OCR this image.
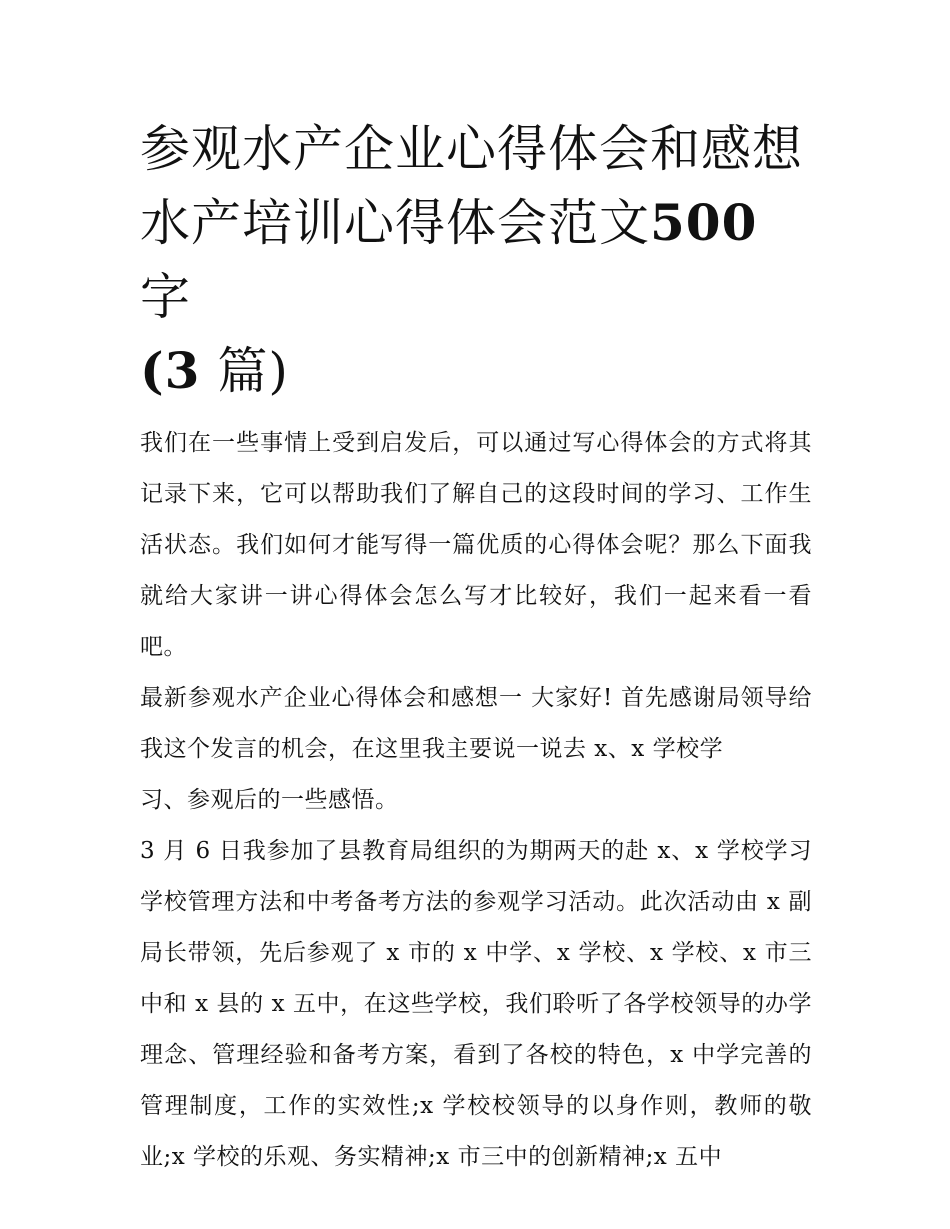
参观水产企业心得体会和感想
水产培训心得体会范文500 字
(3 篇)

我们在一些事情上受到启发后，可以通过写心得体会的方式将其记录下来，它可以帮助我们了解自己的这段时间的学习、工作生活状态。我们如何才能写得一篇优质的心得体会呢？那么下面我就给大家讲一讲心得体会怎么写才比较好，我们一起来看一看吧。

最新参观水产企业心得体会和感想一 大家好! 首先感谢局领导给我这个发言的机会，在这里我主要说一说去 x、x 学校学

习、参观后的一些感悟。

3 月 6 日我参加了县教育局组织的为期两天的赴 x、x 学校学习学校管理方法和中考备考方法的参观学习活动。此次活动由 x 副局长带领，先后参观了 x 市的 x 中学、x 学校、x 学校、x 市三中和 x 县的 x 五中，在这些学校，我们聆听了各学校领导的办学理念、管理经验和备考方案，看到了各校的特色，x 中学完善的管理制度，工作的实效性;x 学校校领导的以身作则，教师的敬业;x 学校的乐观、务实精神;x 市三中的创新精神;x 五中
